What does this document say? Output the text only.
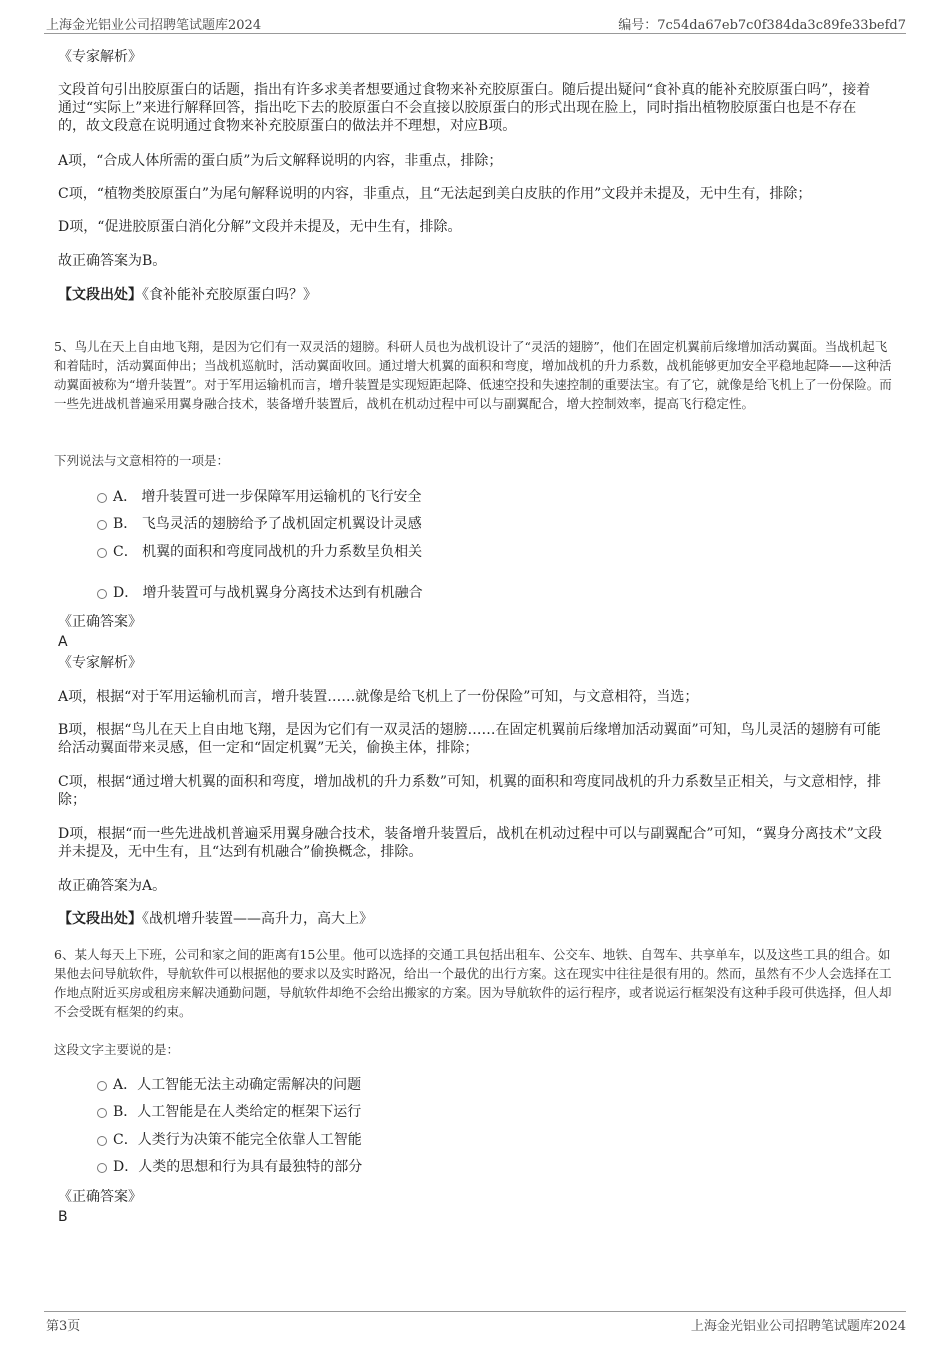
上海金光铝业公司招聘笔试题库2024	编号：7c54da67eb7c0f384da3c89fe33befd7
《专家解析》
文段首句引出胶原蛋白的话题，指出有许多求美者想要通过食物来补充胶原蛋白。随后提出疑问“食补真的能补充胶原蛋白吗”，接着通过“实际上”来进行解释回答，指出吃下去的胶原蛋白不会直接以胶原蛋白的形式出现在脸上，同时指出植物胶原蛋白也是不存在的，故文段意在说明通过食物来补充胶原蛋白的做法并不理想，对应B项。
A项，“合成人体所需的蛋白质”为后文解释说明的内容，非重点，排除；
C项，“植物类胶原蛋白”为尾句解释说明的内容，非重点，且“无法起到美白皮肤的作用”文段并未提及，无中生有，排除；
D项，“促进胶原蛋白消化分解”文段并未提及，无中生有，排除。
故正确答案为B。
【文段出处】《食补能补充胶原蛋白吗？》
5、鸟儿在天上自由地飞翔，是因为它们有一双灵活的翅膀。科研人员也为战机设计了“灵活的翅膀”，他们在固定机翼前后缘增加活动翼面。当战机起飞和着陆时，活动翼面伸出；当战机巡航时，活动翼面收回。通过增大机翼的面积和弯度，增加战机的升力系数，战机能够更加安全平稳地起降——这种活动翼面被称为“增升装置”。对于军用运输机而言，增升装置是实现短距起降、低速空投和失速控制的重要法宝。有了它，就像是给飞机上了一份保险。而一些先进战机普遍采用翼身融合技术，装备增升装置后，战机在机动过程中可以与副翼配合，增大控制效率，提高飞行稳定性。
下列说法与文意相符的一项是：
A． 增升装置可进一步保障军用运输机的飞行安全
B． 飞鸟灵活的翅膀给予了战机固定机翼设计灵感
C． 机翼的面积和弯度同战机的升力系数呈负相关
D． 增升装置可与战机翼身分离技术达到有机融合
《正确答案》
A
《专家解析》
A项，根据“对于军用运输机而言，增升装置……就像是给飞机上了一份保险”可知，与文意相符，当选；
B项，根据“鸟儿在天上自由地飞翔，是因为它们有一双灵活的翅膀……在固定机翼前后缘增加活动翼面”可知，鸟儿灵活的翅膀有可能给活动翼面带来灵感，但一定和“固定机翼”无关，偷换主体，排除；
C项，根据“通过增大机翼的面积和弯度，增加战机的升力系数”可知，机翼的面积和弯度同战机的升力系数呈正相关，与文意相悖，排除；
D项，根据“而一些先进战机普遍采用翼身融合技术，装备增升装置后，战机在机动过程中可以与副翼配合”可知，“翼身分离技术”文段并未提及，无中生有，且“达到有机融合”偷换概念，排除。
故正确答案为A。
【文段出处】《战机增升装置——高升力，高大上》
6、某人每天上下班，公司和家之间的距离有15公里。他可以选择的交通工具包括出租车、公交车、地铁、自驾车、共享单车，以及这些工具的组合。如果他去问导航软件，导航软件可以根据他的要求以及实时路况，给出一个最优的出行方案。这在现实中往往是很有用的。然而，虽然有不少人会选择在工作地点附近买房或租房来解决通勤问题，导航软件却绝不会给出搬家的方案。因为导航软件的运行程序，或者说运行框架没有这种手段可供选择，但人却不会受既有框架的约束。
这段文字主要说的是：
A．人工智能无法主动确定需解决的问题
B．人工智能是在人类给定的框架下运行
C．人类行为决策不能完全依靠人工智能
D．人类的思想和行为具有最独特的部分
《正确答案》
B
第3页	上海金光铝业公司招聘笔试题库2024
